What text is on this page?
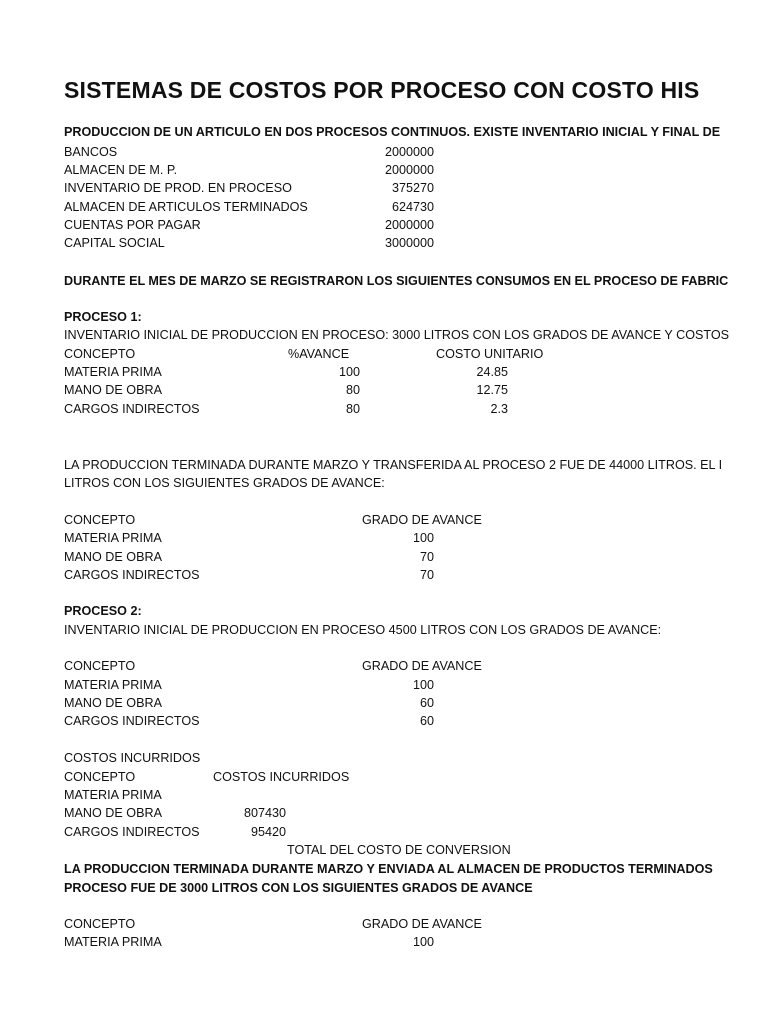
SISTEMAS DE COSTOS POR PROCESO CON COSTO HIS
PRODUCCION DE UN ARTICULO EN DOS PROCESOS CONTINUOS. EXISTE INVENTARIO INICIAL Y FINAL DE
BANCOS	2000000
ALMACEN DE M. P.	2000000
INVENTARIO DE PROD. EN PROCESO	375270
ALMACEN DE ARTICULOS TERMINADOS	624730
CUENTAS POR PAGAR	2000000
CAPITAL SOCIAL	3000000
DURANTE EL MES DE MARZO SE REGISTRARON LOS SIGUIENTES CONSUMOS EN EL PROCESO DE FABRIC
PROCESO 1:
INVENTARIO INICIAL DE PRODUCCION EN PROCESO: 3000 LITROS CON LOS GRADOS DE AVANCE Y COSTOS
CONCEPTO	%AVANCE	COSTO UNITARIO
MATERIA PRIMA	100	24.85
MANO DE OBRA	80	12.75
CARGOS INDIRECTOS	80	2.3
LA PRODUCCION TERMINADA DURANTE MARZO Y TRANSFERIDA AL PROCESO 2 FUE DE 44000 LITROS. EL I
LITROS CON LOS SIGUIENTES GRADOS DE AVANCE:
CONCEPTO	GRADO DE AVANCE
MATERIA PRIMA	100
MANO DE OBRA	70
CARGOS INDIRECTOS	70
PROCESO 2:
INVENTARIO INICIAL DE PRODUCCION EN PROCESO 4500 LITROS CON LOS GRADOS DE AVANCE:
CONCEPTO	GRADO DE AVANCE
MATERIA PRIMA	100
MANO DE OBRA	60
CARGOS INDIRECTOS	60
COSTOS INCURRIDOS
CONCEPTO	COSTOS INCURRIDOS
MATERIA PRIMA
MANO DE OBRA	807430
CARGOS INDIRECTOS	95420
TOTAL DEL COSTO DE CONVERSION
LA PRODUCCION TERMINADA DURANTE MARZO Y ENVIADA AL ALMACEN DE PRODUCTOS TERMINADOS
PROCESO FUE DE 3000 LITROS CON LOS SIGUIENTES GRADOS DE AVANCE
CONCEPTO	GRADO DE AVANCE
MATERIA PRIMA	100
